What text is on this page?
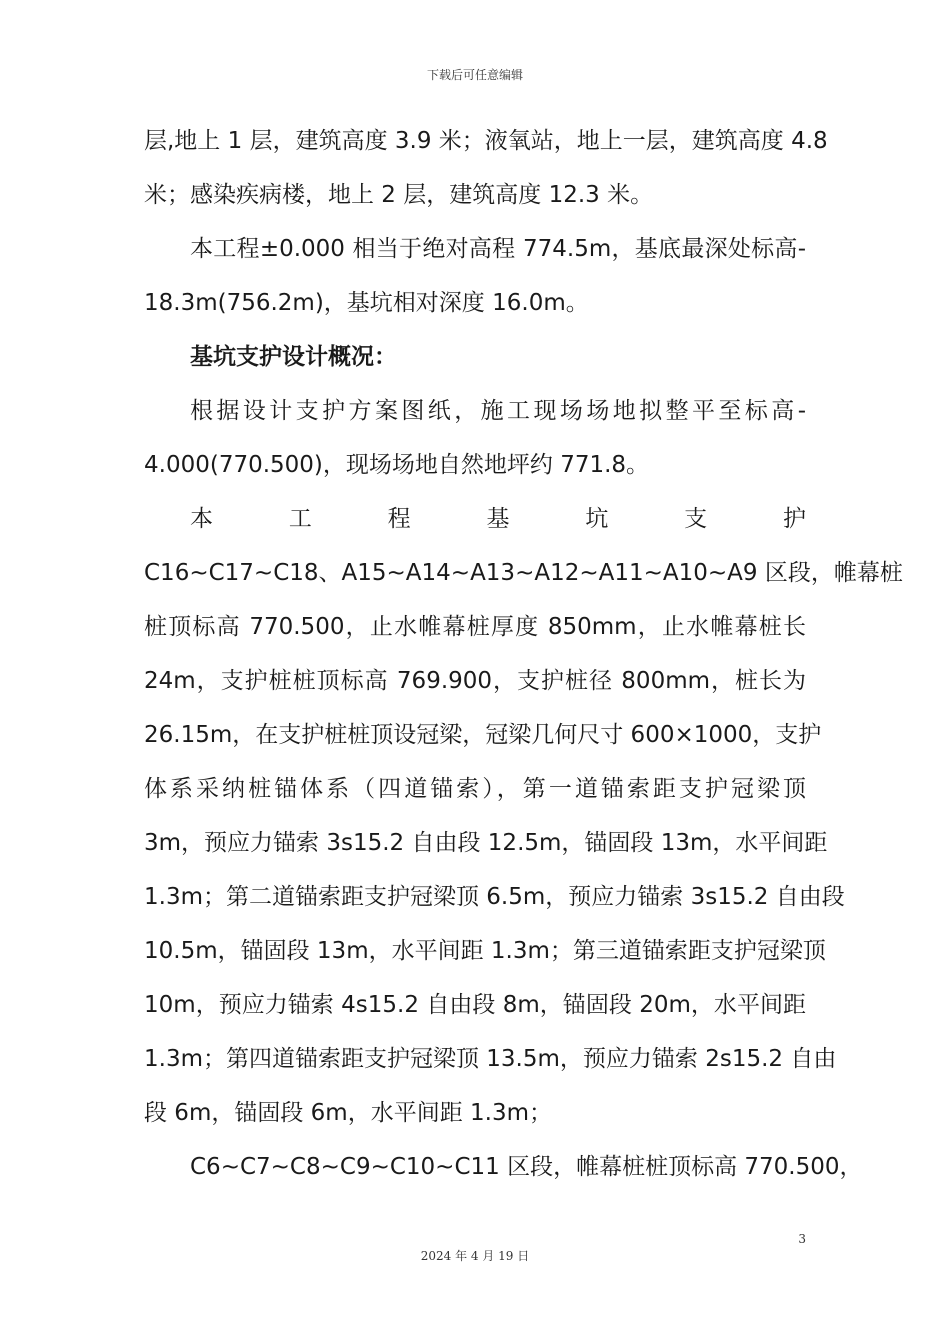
下载后可任意编辑
层,地上 1 层，建筑高度 3.9 米；液氧站，地上一层，建筑高度 4.8
米；感染疾病楼，地上 2 层，建筑高度 12.3 米。
本工程±0.000 相当于绝对高程 774.5m，基底最深处标高-
18.3m(756.2m)，基坑相对深度 16.0m。
基坑支护设计概况：
根据设计支护方案图纸，施工现场场地拟整平至标高-
4.000(770.500)，现场场地自然地坪约 771.8。
本	工	程	基	坑	支	护
C16~C17~C18、A15~A14~A13~A12~A11~A10~A9 区段，帷幕桩
桩顶标高 770.500，止水帷幕桩厚度 850mm，止水帷幕桩长
24m，支护桩桩顶标高 769.900，支护桩径 800mm，桩长为
26.15m，在支护桩桩顶设冠梁，冠梁几何尺寸 600×1000，支护
体系采纳桩锚体系（四道锚索），第一道锚索距支护冠梁顶
3m，预应力锚索 3s15.2 自由段 12.5m，锚固段 13m，水平间距
1.3m；第二道锚索距支护冠梁顶 6.5m，预应力锚索 3s15.2 自由段
10.5m，锚固段 13m，水平间距 1.3m；第三道锚索距支护冠梁顶
10m，预应力锚索 4s15.2 自由段 8m，锚固段 20m，水平间距
1.3m；第四道锚索距支护冠梁顶 13.5m，预应力锚索 2s15.2 自由
段 6m，锚固段 6m，水平间距 1.3m；
C6~C7~C8~C9~C10~C11 区段，帷幕桩桩顶标高 770.500，
3
2024 年 4 月 19 日
